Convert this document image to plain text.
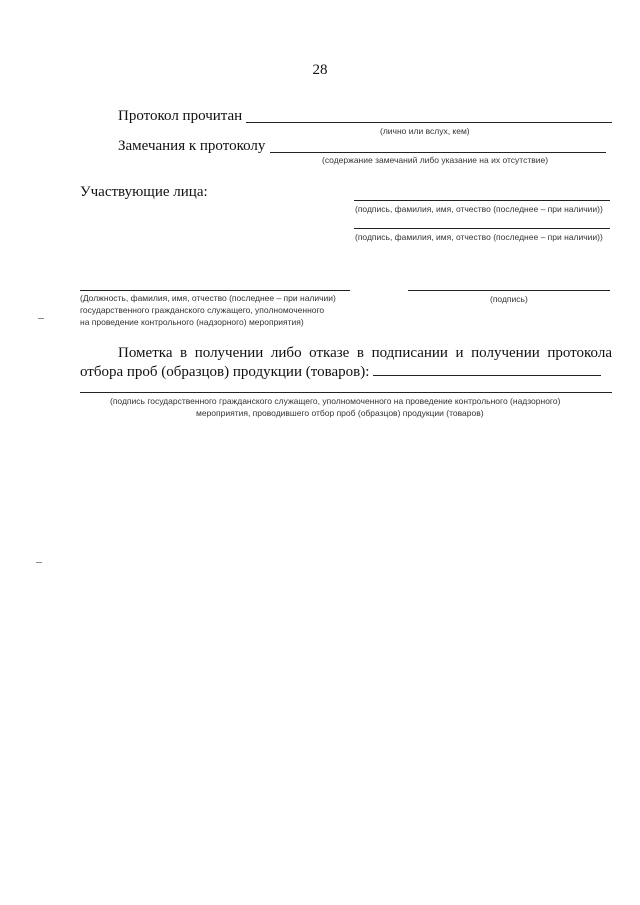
28
Протокол прочитан
(лично или вслух, кем)
Замечания к протоколу
(содержание замечаний либо указание на их отсутствие)
Участвующие лица:
(подпись, фамилия, имя, отчество (последнее – при наличии))
(подпись, фамилия, имя, отчество (последнее – при наличии))
(Должность, фамилия, имя, отчество (последнее – при наличии)
государственного гражданского служащего, уполномоченного
на проведение контрольного (надзорного) мероприятия)
(подпись)
Пометка в получении либо отказе в подписании и получении протокола отбора проб (образцов) продукции (товаров):
(подпись государственного гражданского служащего, уполномоченного на проведение контрольного (надзорного)
мероприятия, проводившего отбор проб (образцов) продукции (товаров)
